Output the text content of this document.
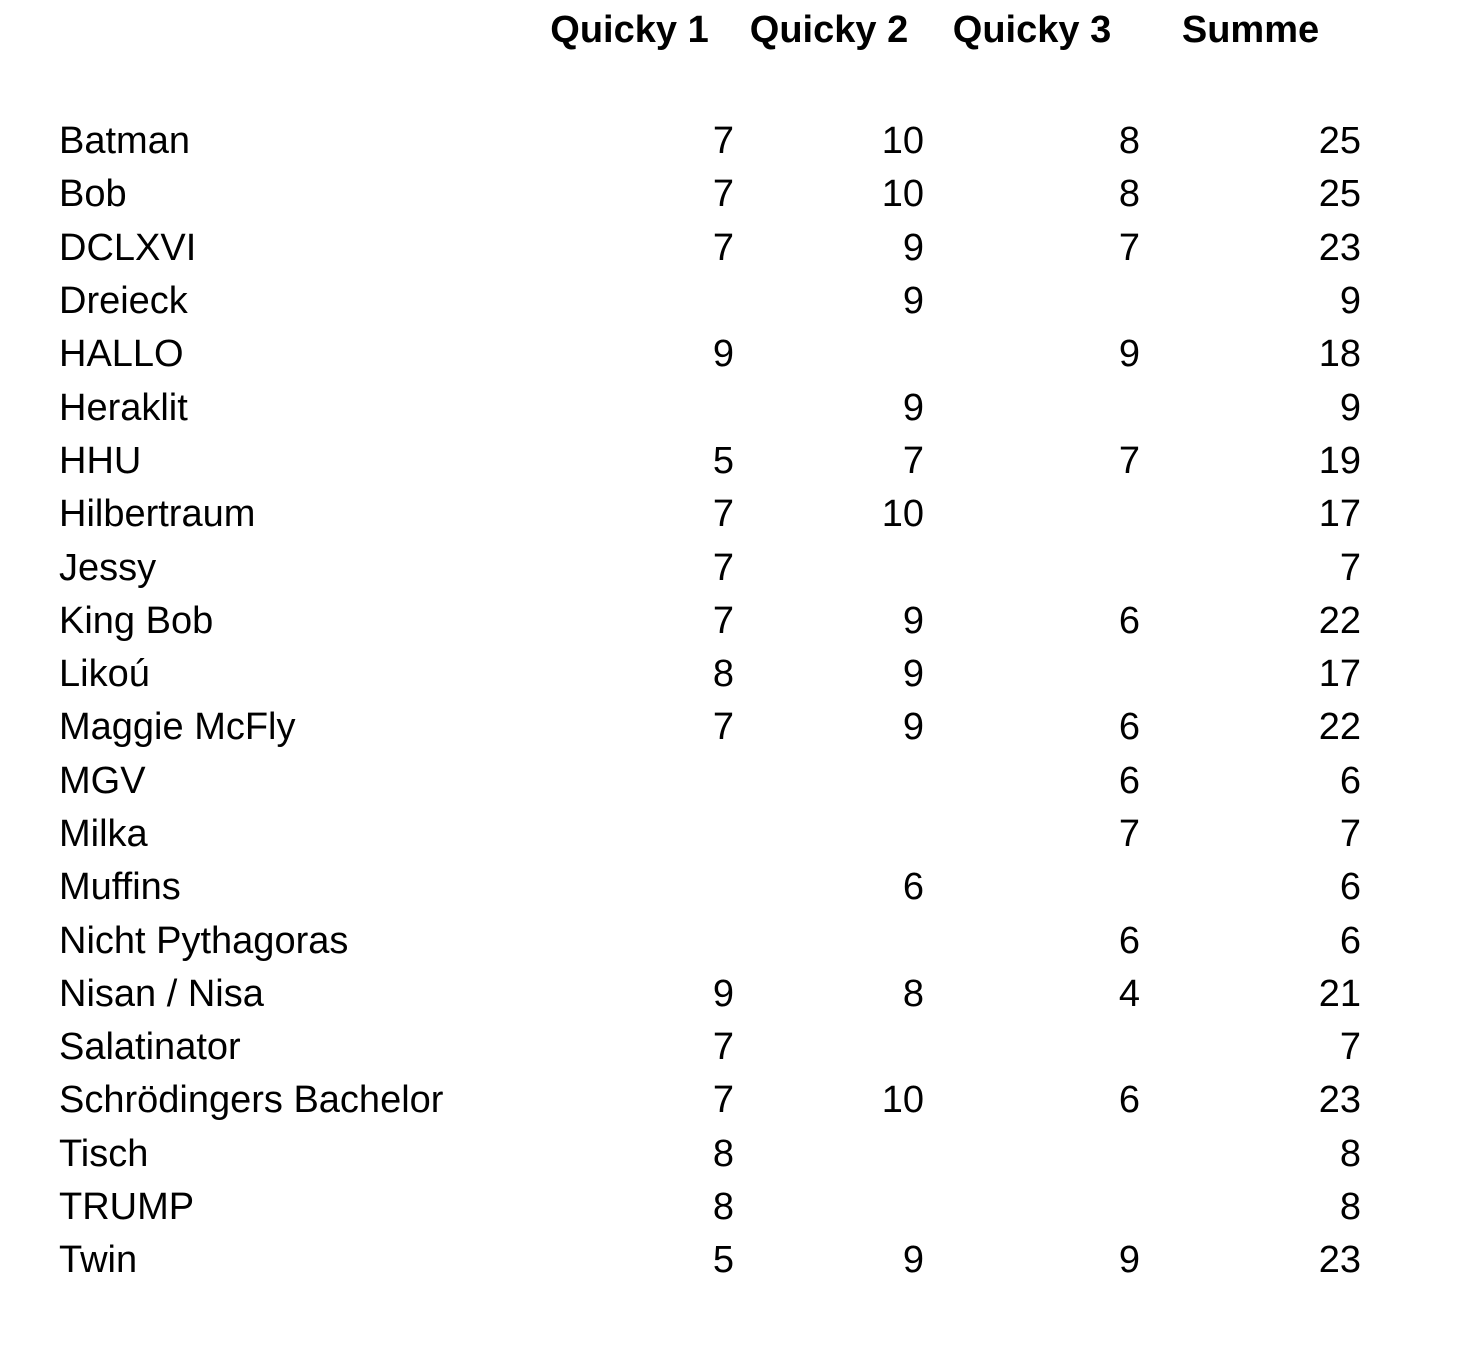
	Quicky 1	Quicky 2	Quicky 3	Summe

Batman	7	10	8	25
Bob	7	10	8	25
DCLXVI	7	9	7	23
Dreieck		9		9
HALLO	9		9	18
Heraklit		9		9
HHU	5	7	7	19
Hilbertraum	7	10		17
Jessy	7			7
King Bob	7	9	6	22
Likoú	8	9		17
Maggie McFly	7	9	6	22
MGV			6	6
Milka			7	7
Muffins		6		6
Nicht Pythagoras			6	6
Nisan / Nisa	9	8	4	21
Salatinator	7			7
Schrödingers Bachelor	7	10	6	23
Tisch	8			8
TRUMP	8			8
Twin	5	9	9	23
